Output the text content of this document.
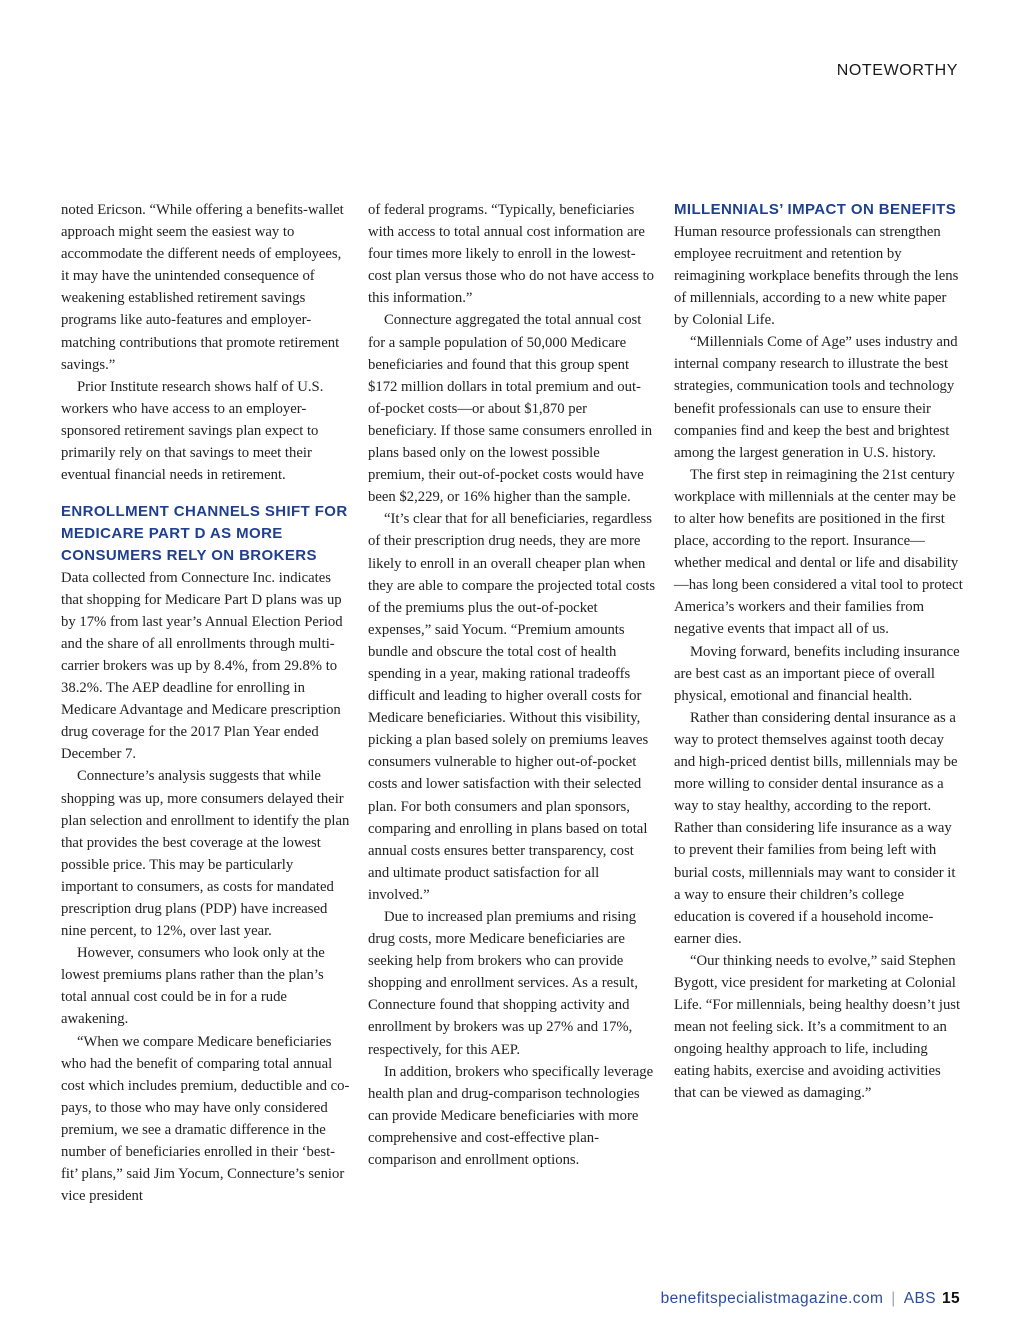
NOTEWORTHY

noted Ericson. “While offering a benefits-wallet approach might seem the easiest way to accommodate the different needs of employees, it may have the unintended consequence of weakening established retirement savings programs like auto-features and employer-matching contributions that promote retirement savings.”

Prior Institute research shows half of U.S. workers who have access to an employer-sponsored retirement savings plan expect to primarily rely on that savings to meet their eventual financial needs in retirement.

ENROLLMENT CHANNELS SHIFT FOR MEDICARE PART D AS MORE CONSUMERS RELY ON BROKERS

Data collected from Connecture Inc. indicates that shopping for Medicare Part D plans was up by 17% from last year’s Annual Election Period and the share of all enrollments through multi-carrier brokers was up by 8.4%, from 29.8% to 38.2%. The AEP deadline for enrolling in Medicare Advantage and Medicare prescription drug coverage for the 2017 Plan Year ended December 7.

Connecture’s analysis suggests that while shopping was up, more consumers delayed their plan selection and enrollment to identify the plan that provides the best coverage at the lowest possible price. This may be particularly important to consumers, as costs for mandated prescription drug plans (PDP) have increased nine percent, to 12%, over last year.

However, consumers who look only at the lowest premiums plans rather than the plan’s total annual cost could be in for a rude awakening.

“When we compare Medicare beneficiaries who had the benefit of comparing total annual cost which includes premium, deductible and co-pays, to those who may have only considered premium, we see a dramatic difference in the number of beneficiaries enrolled in their ‘best-fit’ plans,” said Jim Yocum, Connecture’s senior vice president

of federal programs. “Typically, beneficiaries with access to total annual cost information are four times more likely to enroll in the lowest-cost plan versus those who do not have access to this information.”

Connecture aggregated the total annual cost for a sample population of 50,000 Medicare beneficiaries and found that this group spent $172 million dollars in total premium and out-of-pocket costs—or about $1,870 per beneficiary. If those same consumers enrolled in plans based only on the lowest possible premium, their out-of-pocket costs would have been $2,229, or 16% higher than the sample.

“It’s clear that for all beneficiaries, regardless of their prescription drug needs, they are more likely to enroll in an overall cheaper plan when they are able to compare the projected total costs of the premiums plus the out-of-pocket expenses,” said Yocum. “Premium amounts bundle and obscure the total cost of health spending in a year, making rational tradeoffs difficult and leading to higher overall costs for Medicare beneficiaries. Without this visibility, picking a plan based solely on premiums leaves consumers vulnerable to higher out-of-pocket costs and lower satisfaction with their selected plan. For both consumers and plan sponsors, comparing and enrolling in plans based on total annual costs ensures better transparency, cost and ultimate product satisfaction for all involved.”

Due to increased plan premiums and rising drug costs, more Medicare beneficiaries are seeking help from brokers who can provide shopping and enrollment services. As a result, Connecture found that shopping activity and enrollment by brokers was up 27% and 17%, respectively, for this AEP.

In addition, brokers who specifically leverage health plan and drug-comparison technologies can provide Medicare beneficiaries with more comprehensive and cost-effective plan-comparison and enrollment options.

MILLENNIALS’ IMPACT ON BENEFITS

Human resource professionals can strengthen employee recruitment and retention by reimagining workplace benefits through the lens of millennials, according to a new white paper by Colonial Life.

“Millennials Come of Age” uses industry and internal company research to illustrate the best strategies, communication tools and technology benefit professionals can use to ensure their companies find and keep the best and brightest among the largest generation in U.S. history.

The first step in reimagining the 21st century workplace with millennials at the center may be to alter how benefits are positioned in the first place, according to the report. Insurance—whether medical and dental or life and disability—has long been considered a vital tool to protect America’s workers and their families from negative events that impact all of us.

Moving forward, benefits including insurance are best cast as an important piece of overall physical, emotional and financial health.

Rather than considering dental insurance as a way to protect themselves against tooth decay and high-priced dentist bills, millennials may be more willing to consider dental insurance as a way to stay healthy, according to the report. Rather than considering life insurance as a way to prevent their families from being left with burial costs, millennials may want to consider it a way to ensure their children’s college education is covered if a household income-earner dies.

“Our thinking needs to evolve,” said Stephen Bygott, vice president for marketing at Colonial Life. “For millennials, being healthy doesn’t just mean not feeling sick. It’s a commitment to an ongoing healthy approach to life, including eating habits, exercise and avoiding activities that can be viewed as damaging.”

benefitspecialistmagazine.com | ABS 15
